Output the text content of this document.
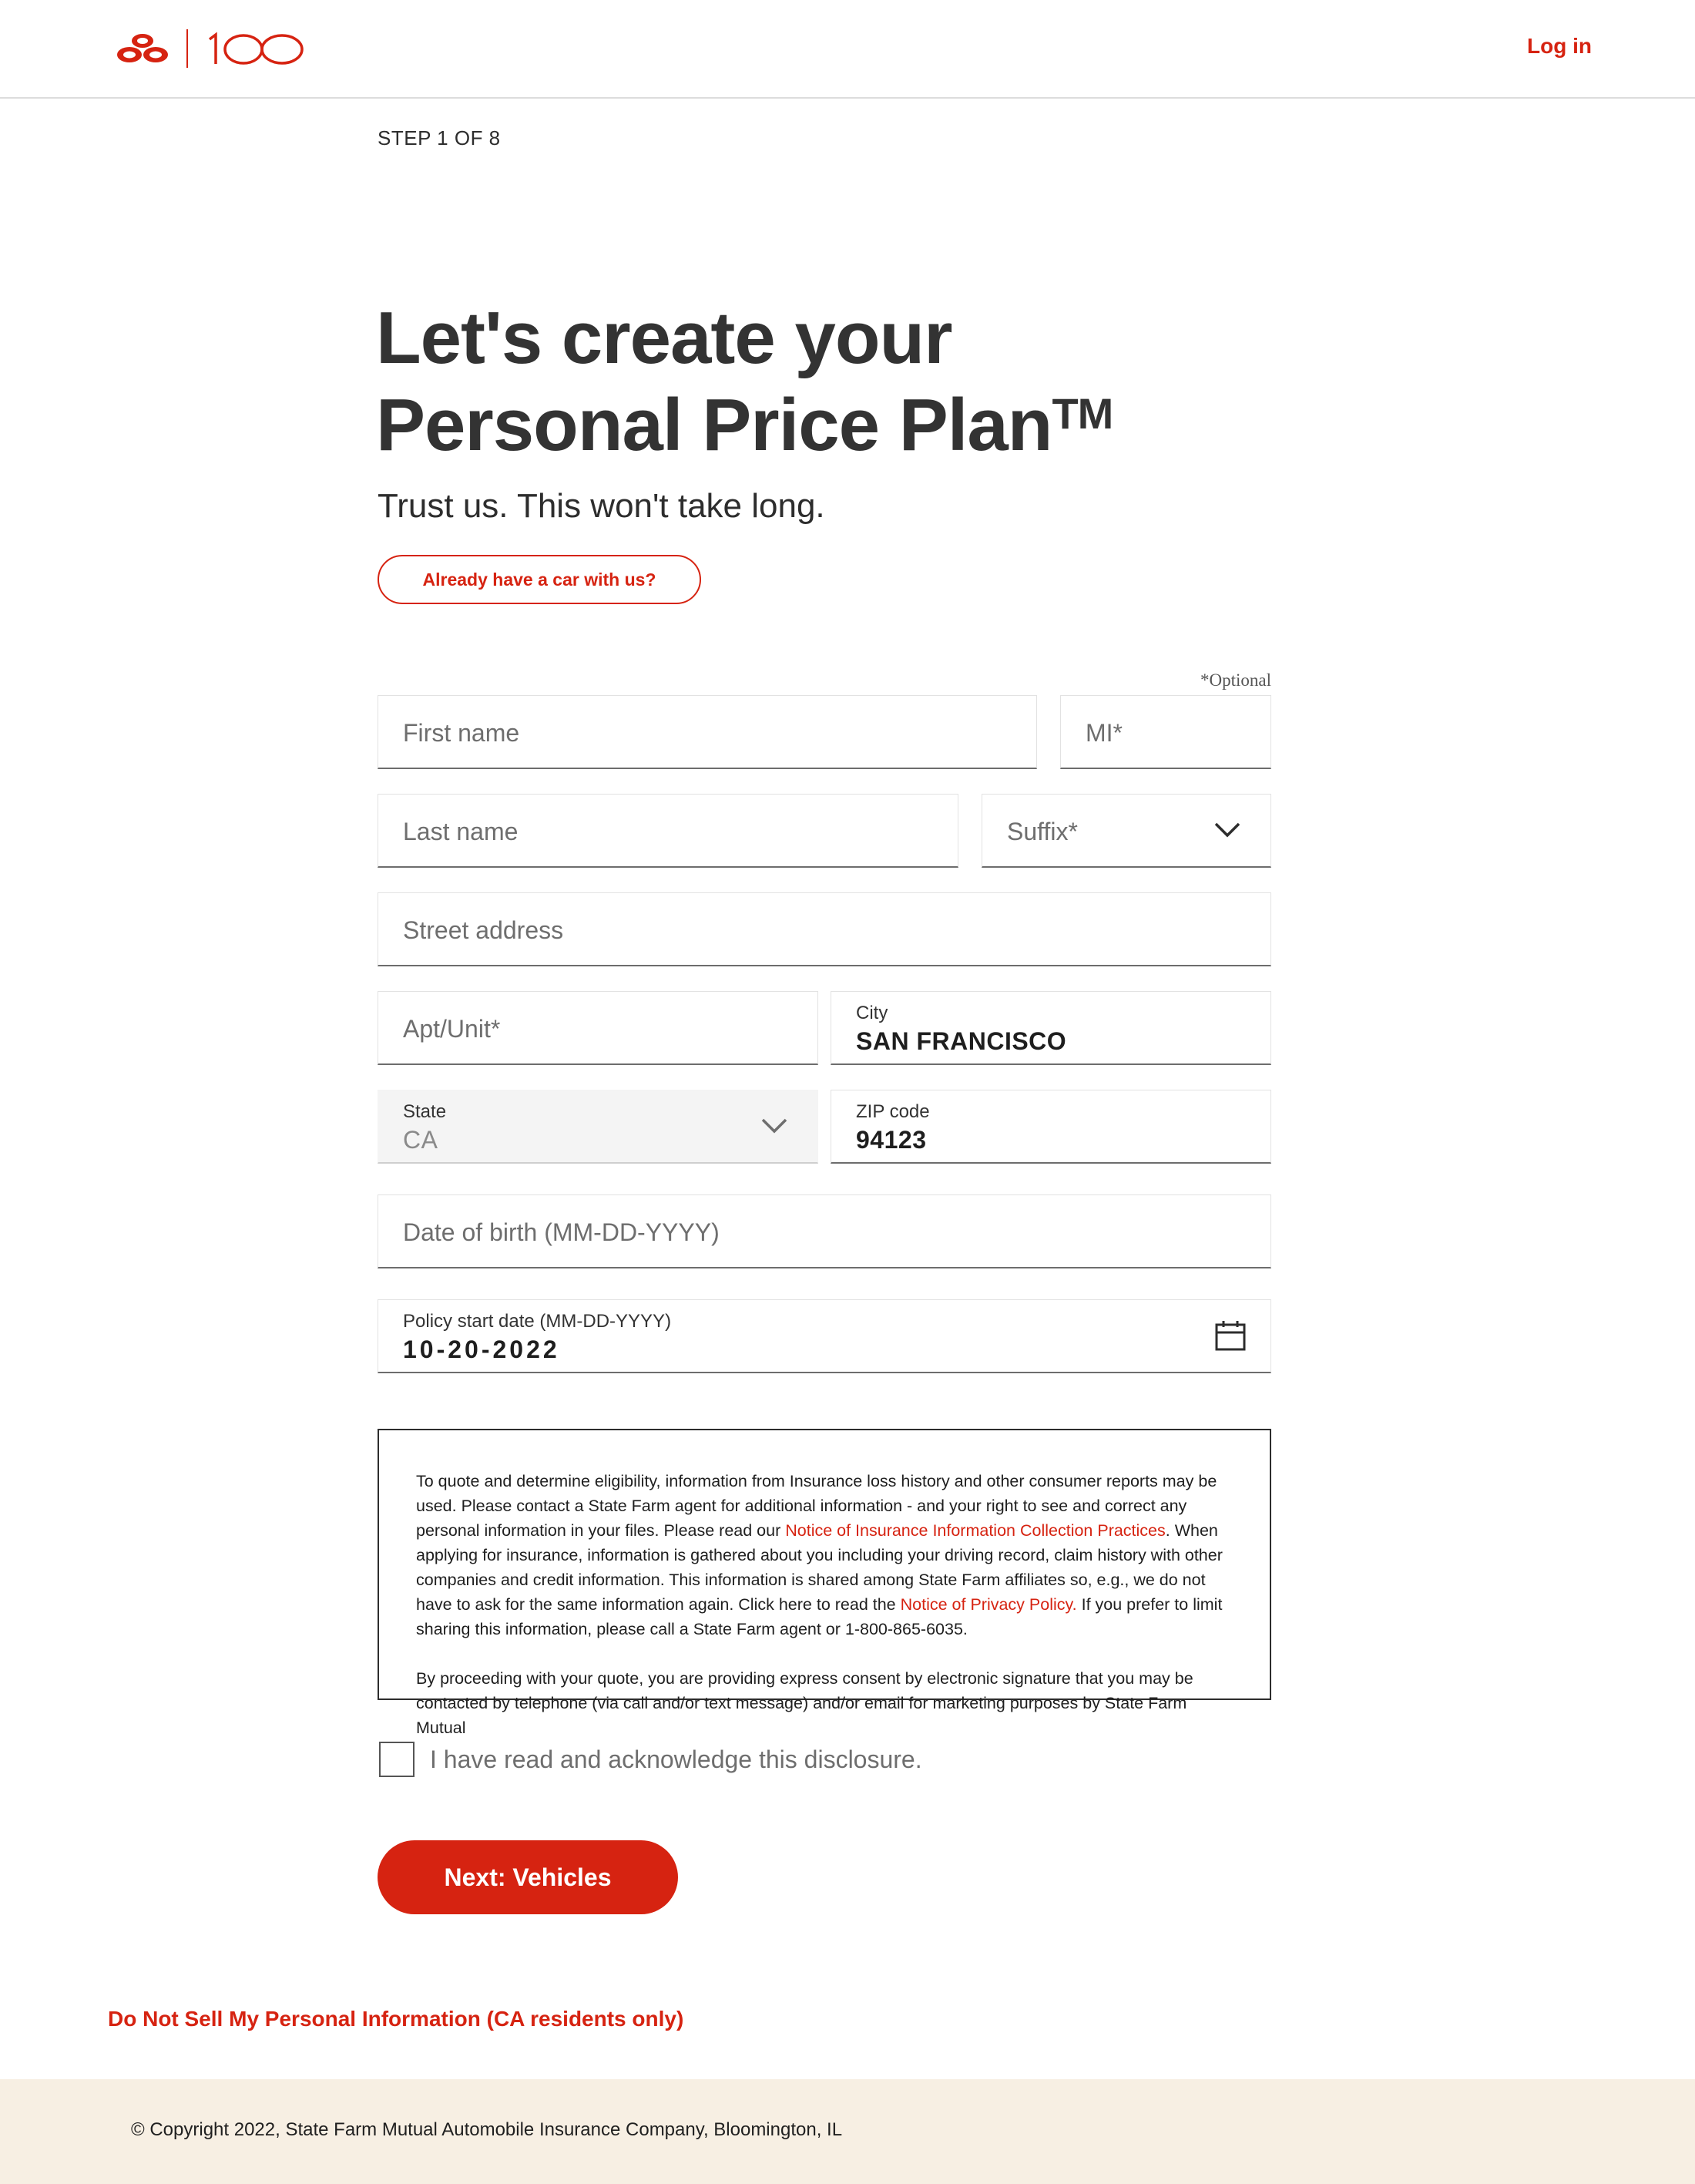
Log in
STEP 1 OF 8
Let's create your
Personal Price Plan™
Trust us. This won't take long.
Already have a car with us?
*Optional
First name	MI*
Last name	Suffix*
Street address
Apt/Unit*
City
SAN FRANCISCO
State
CA
ZIP code
94123
Date of birth (MM-DD-YYYY)
Policy start date (MM-DD-YYYY)
10-20-2022

To quote and determine eligibility, information from Insurance loss history and other consumer reports may be used. Please contact a State Farm agent for additional information - and your right to see and correct any personal information in your files. Please read our Notice of Insurance Information Collection Practices. When applying for insurance, information is gathered about you including your driving record, claim history with other companies and credit information. This information is shared among State Farm affiliates so, e.g., we do not have to ask for the same information again. Click here to read the Notice of Privacy Policy. If you prefer to limit sharing this information, please call a State Farm agent or 1-800-865-6035.

By proceeding with your quote, you are providing express consent by electronic signature that you may be contacted by telephone (via call and/or text message) and/or email for marketing purposes by State Farm Mutual

I have read and acknowledge this disclosure.
Next: Vehicles
Do Not Sell My Personal Information (CA residents only)
© Copyright 2022, State Farm Mutual Automobile Insurance Company, Bloomington, IL
